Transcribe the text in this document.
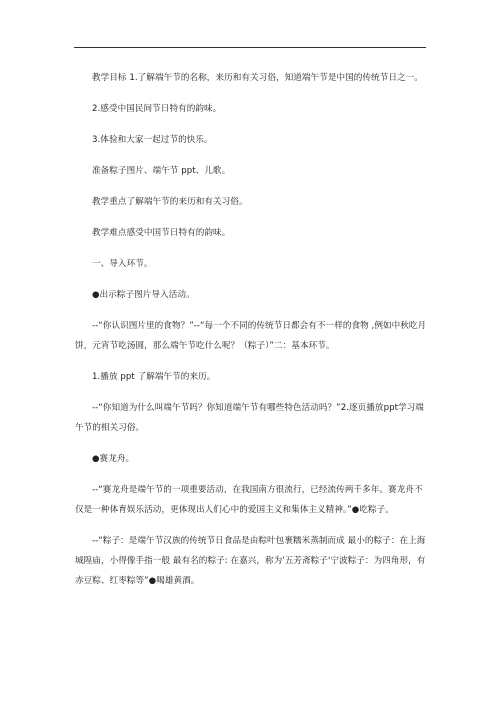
教学目标 1.了解端午节的名称，来历和有关习俗，知道端午节是中国的传统节日之一。

2.感受中国民间节日特有的韵味。

3.体验和大家一起过节的快乐。

准备粽子图片、端午节 ppt、儿歌。

教学重点了解端午节的来历和有关习俗。

教学难点感受中国节日特有的韵味。

一、导入环节。

●出示粽子图片导入活动。

--“你认识图片里的食物？”--“每一个不同的传统节日都会有不一样的食物 ,例如中秋吃月饼，元宵节吃汤圆，那么端午节吃什么呢？（粽子）”二：基本环节。

1.播放 ppt 了解端午节的来历。

--“你知道为什么叫端午节吗？你知道端午节有哪些特色活动吗？”2.逐页播放ppt学习端午节的相关习俗。

●赛龙舟。

--“赛龙舟是端午节的一项重要活动，在我国南方很流行，已经流传两千多年。赛龙舟不仅是一种体育娱乐活动，更体现出人们心中的爱国主义和集体主义精神。”●吃粽子。

--“粽子：是端午节汉族的传统节日食品是由粽叶包裹糯米蒸制而成 最小的粽子：在上海城隍庙，小得像手指一般 最有名的粽子: 在嘉兴，称为'五芳斋粽子'宁波粽子：为四角形，有赤豆粽、红枣粽等”●喝雄黄酒。
